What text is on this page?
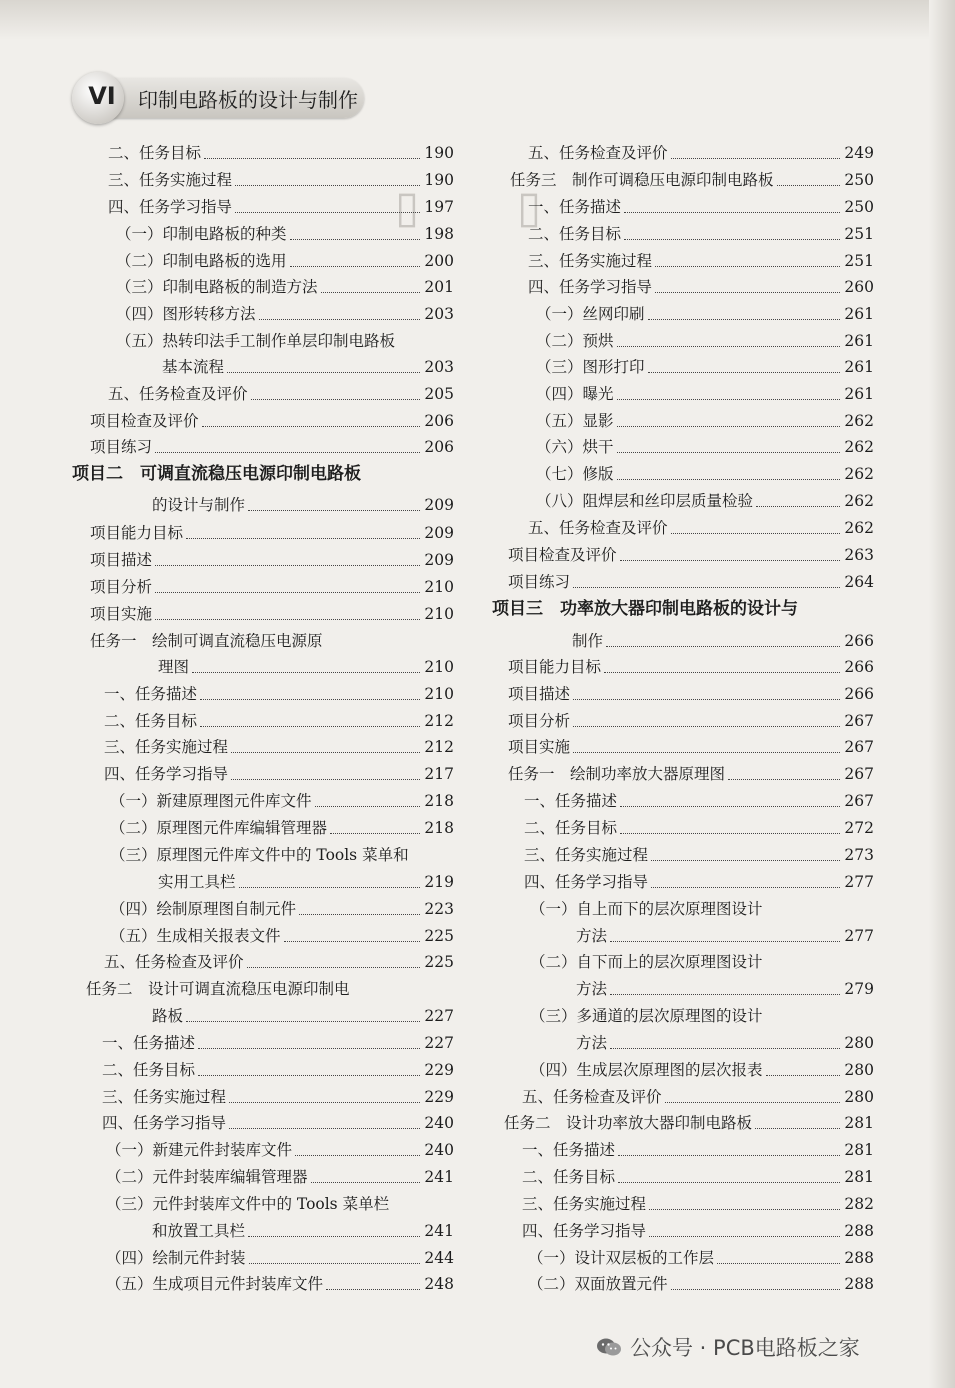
▯ ▯
VI	印制电路板的设计与制作
二、任务目标	190
三、任务实施过程	190
四、任务学习指导	197
（一）印制电路板的种类	198
（二）印制电路板的选用	200
（三）印制电路板的制造方法	201
（四）图形转移方法	203
（五）热转印法手工制作单层印制电路板
基本流程	203
五、任务检查及评价	205
项目检查及评价	206
项目练习	206
项目二　可调直流稳压电源印制电路板
的设计与制作	209
项目能力目标	209
项目描述	209
项目分析	210
项目实施	210
任务一　绘制可调直流稳压电源原
理图	210
一、任务描述	210
二、任务目标	212
三、任务实施过程	212
四、任务学习指导	217
（一）新建原理图元件库文件	218
（二）原理图元件库编辑管理器	218
（三）原理图元件库文件中的 Tools 菜单和
实用工具栏	219
（四）绘制原理图自制元件	223
（五）生成相关报表文件	225
五、任务检查及评价	225
任务二　设计可调直流稳压电源印制电
路板	227
一、任务描述	227
二、任务目标	229
三、任务实施过程	229
四、任务学习指导	240
（一）新建元件封装库文件	240
（二）元件封装库编辑管理器	241
（三）元件封装库文件中的 Tools 菜单栏
和放置工具栏	241
（四）绘制元件封装	244
（五）生成项目元件封装库文件	248
五、任务检查及评价	249
任务三　制作可调稳压电源印制电路板	250
一、任务描述	250
二、任务目标	251
三、任务实施过程	251
四、任务学习指导	260
（一）丝网印刷	261
（二）预烘	261
（三）图形打印	261
（四）曝光	261
（五）显影	262
（六）烘干	262
（七）修版	262
（八）阻焊层和丝印层质量检验	262
五、任务检查及评价	262
项目检查及评价	263
项目练习	264
项目三　功率放大器印制电路板的设计与
制作	266
项目能力目标	266
项目描述	266
项目分析	267
项目实施	267
任务一　绘制功率放大器原理图	267
一、任务描述	267
二、任务目标	272
三、任务实施过程	273
四、任务学习指导	277
（一）自上而下的层次原理图设计
方法	277
（二）自下而上的层次原理图设计
方法	279
（三）多通道的层次原理图的设计
方法	280
（四）生成层次原理图的层次报表	280
五、任务检查及评价	280
任务二　设计功率放大器印制电路板	281
一、任务描述	281
二、任务目标	281
三、任务实施过程	282
四、任务学习指导	288
（一）设计双层板的工作层	288
（二）双面放置元件	288
公众号 · PCB电路板之家
